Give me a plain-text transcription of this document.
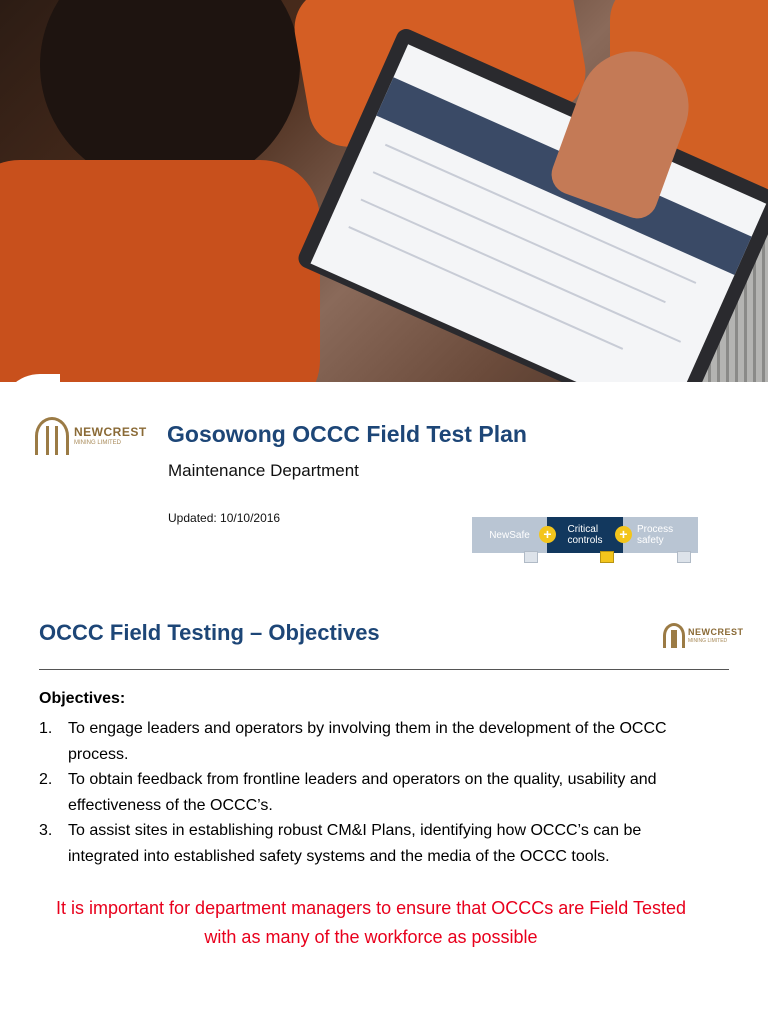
NEWCREST
MINING LIMITED	Gosowong OCCC Field Test Plan
Maintenance Department
Updated: 10/10/2016
NewSafe	Critical
controls
Process
safety
+	+
OCCC Field Testing – Objectives	NEWCREST
MINING LIMITED
Objectives:
1. To engage leaders and operators by involving them in the development of the OCCC process.
2. To obtain feedback from frontline leaders and operators on the quality, usability and effectiveness of the OCCC’s.
3. To assist sites in establishing robust CM&I Plans, identifying how OCCC’s can be integrated into established safety systems and the media of the OCCC tools.
It is important for department managers to ensure that OCCCs are Field Tested with as many of the workforce as possible
